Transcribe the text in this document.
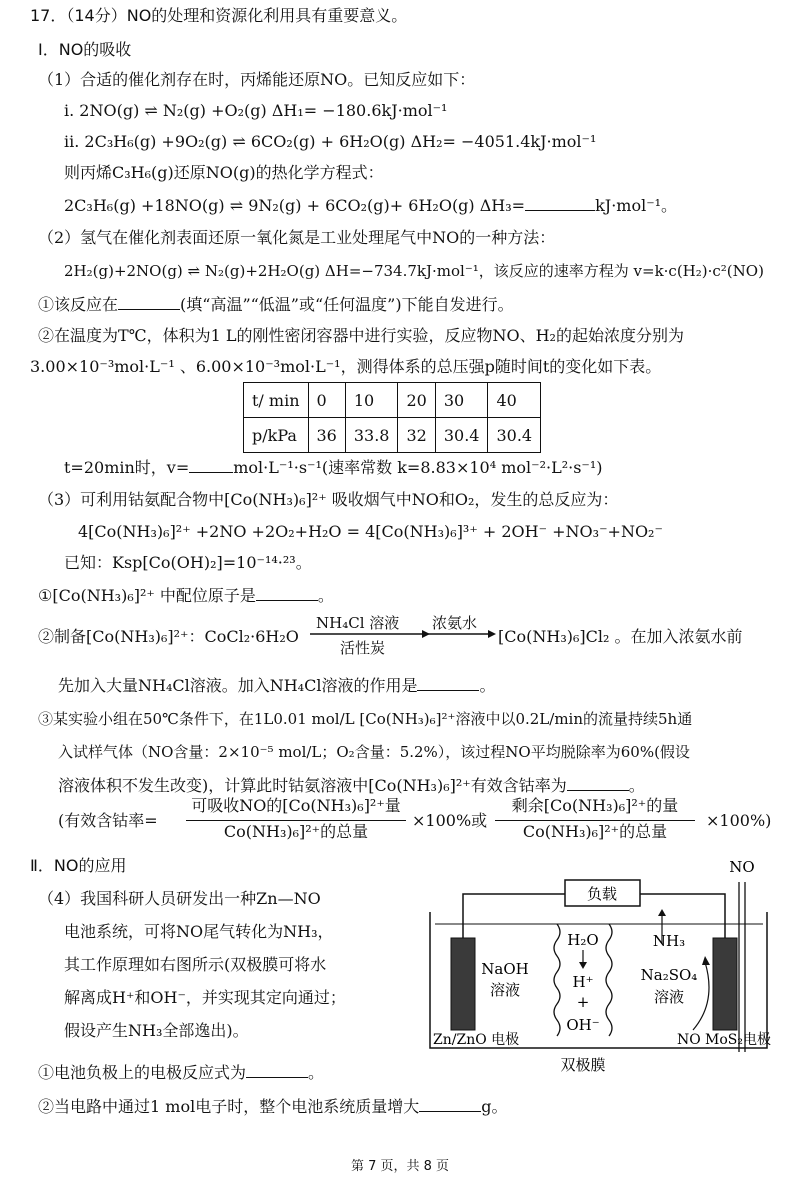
17．（14分）NO的处理和资源化利用具有重要意义。
Ⅰ．NO的吸收
（1）合适的催化剂存在时，丙烯能还原NO。已知反应如下：
i. 2NO(g) ⇌ N₂(g) +O₂(g) ΔH₁= −180.6kJ·mol⁻¹
ii. 2C₃H₆(g) +9O₂(g) ⇌ 6CO₂(g) + 6H₂O(g) ΔH₂= −4051.4kJ·mol⁻¹
则丙烯C₃H₆(g)还原NO(g)的热化学方程式：
2C₃H₆(g) +18NO(g) ⇌ 9N₂(g) + 6CO₂(g)+ 6H₂O(g) ΔH₃=	kJ·mol⁻¹。
（2）氢气在催化剂表面还原一氧化氮是工业处理尾气中NO的一种方法：
2H₂(g)+2NO(g) ⇌ N₂(g)+2H₂O(g) ΔH=−734.7kJ·mol⁻¹，该反应的速率方程为 v=k·c(H₂)·c²(NO)
①该反应在	(填“高温”“低温”或“任何温度”)下能自发进行。
②在温度为T℃，体积为1 L的刚性密闭容器中进行实验，反应物NO、H₂的起始浓度分别为
3.00×10⁻³mol·L⁻¹ 、6.00×10⁻³mol·L⁻¹，测得体系的总压强p随时间t的变化如下表。
t/ min	0	10	20	30	40
p/kPa	36	33.8	32	30.4	30.4
t=20min时，v=	mol·L⁻¹·s⁻¹(速率常数 k=8.83×10⁴ mol⁻²·L²·s⁻¹)
（3）可利用钴氨配合物中[Co(NH₃)₆]²⁺ 吸收烟气中NO和O₂，发生的总反应为：
4[Co(NH₃)₆]²⁺ +2NO +2O₂+H₂O = 4[Co(NH₃)₆]³⁺ + 2OH⁻ +NO₃⁻+NO₂⁻
已知：Ksp[Co(OH)₂]=10⁻¹⁴·²³。
①[Co(NH₃)₆]²⁺ 中配位原子是	。
②制备[Co(NH₃)₆]²⁺：CoCl₂·6H₂O
NH₄Cl 溶液
活性炭
浓氨水
[Co(NH₃)₆]Cl₂ 。在加入浓氨水前
先加入大量NH₄Cl溶液。加入NH₄Cl溶液的作用是	。
③某实验小组在50℃条件下，在1L0.01 mol/L [Co(NH₃)₆]²⁺溶液中以0.2L/min的流量持续5h通
入试样气体（NO含量：2×10⁻⁵ mol/L；O₂含量：5.2%），该过程NO平均脱除率为60%(假设
溶液体积不发生改变)，计算此时钴氨溶液中[Co(NH₃)₆]²⁺有效含钴率为	。
(有效含钴率=
可吸收NO的[Co(NH₃)₆]²⁺量
Co(NH₃)₆]²⁺的总量
×100%或
剩余[Co(NH₃)₆]²⁺的量
Co(NH₃)₆]²⁺的总量
×100%)
Ⅱ．NO的应用
（4）我国科研人员研发出一种Zn—NO
电池系统，可将NO尾气转化为NH₃，
其工作原理如右图所示(双极膜可将水
解离成H⁺和OH⁻，并实现其定向通过；
假设产生NH₃全部逸出)。
①电池负极上的电极反应式为	。
②当电路中通过1 mol电子时，整个电池系统质量增大	g。
负载
NO
H₂O
H⁺
+
OH⁻
NaOH
溶液
Na₂SO₄
溶液
NH₃
Zn/ZnO 电极	NO MoS₂电极
双极膜
第 7 页，共 8 页
